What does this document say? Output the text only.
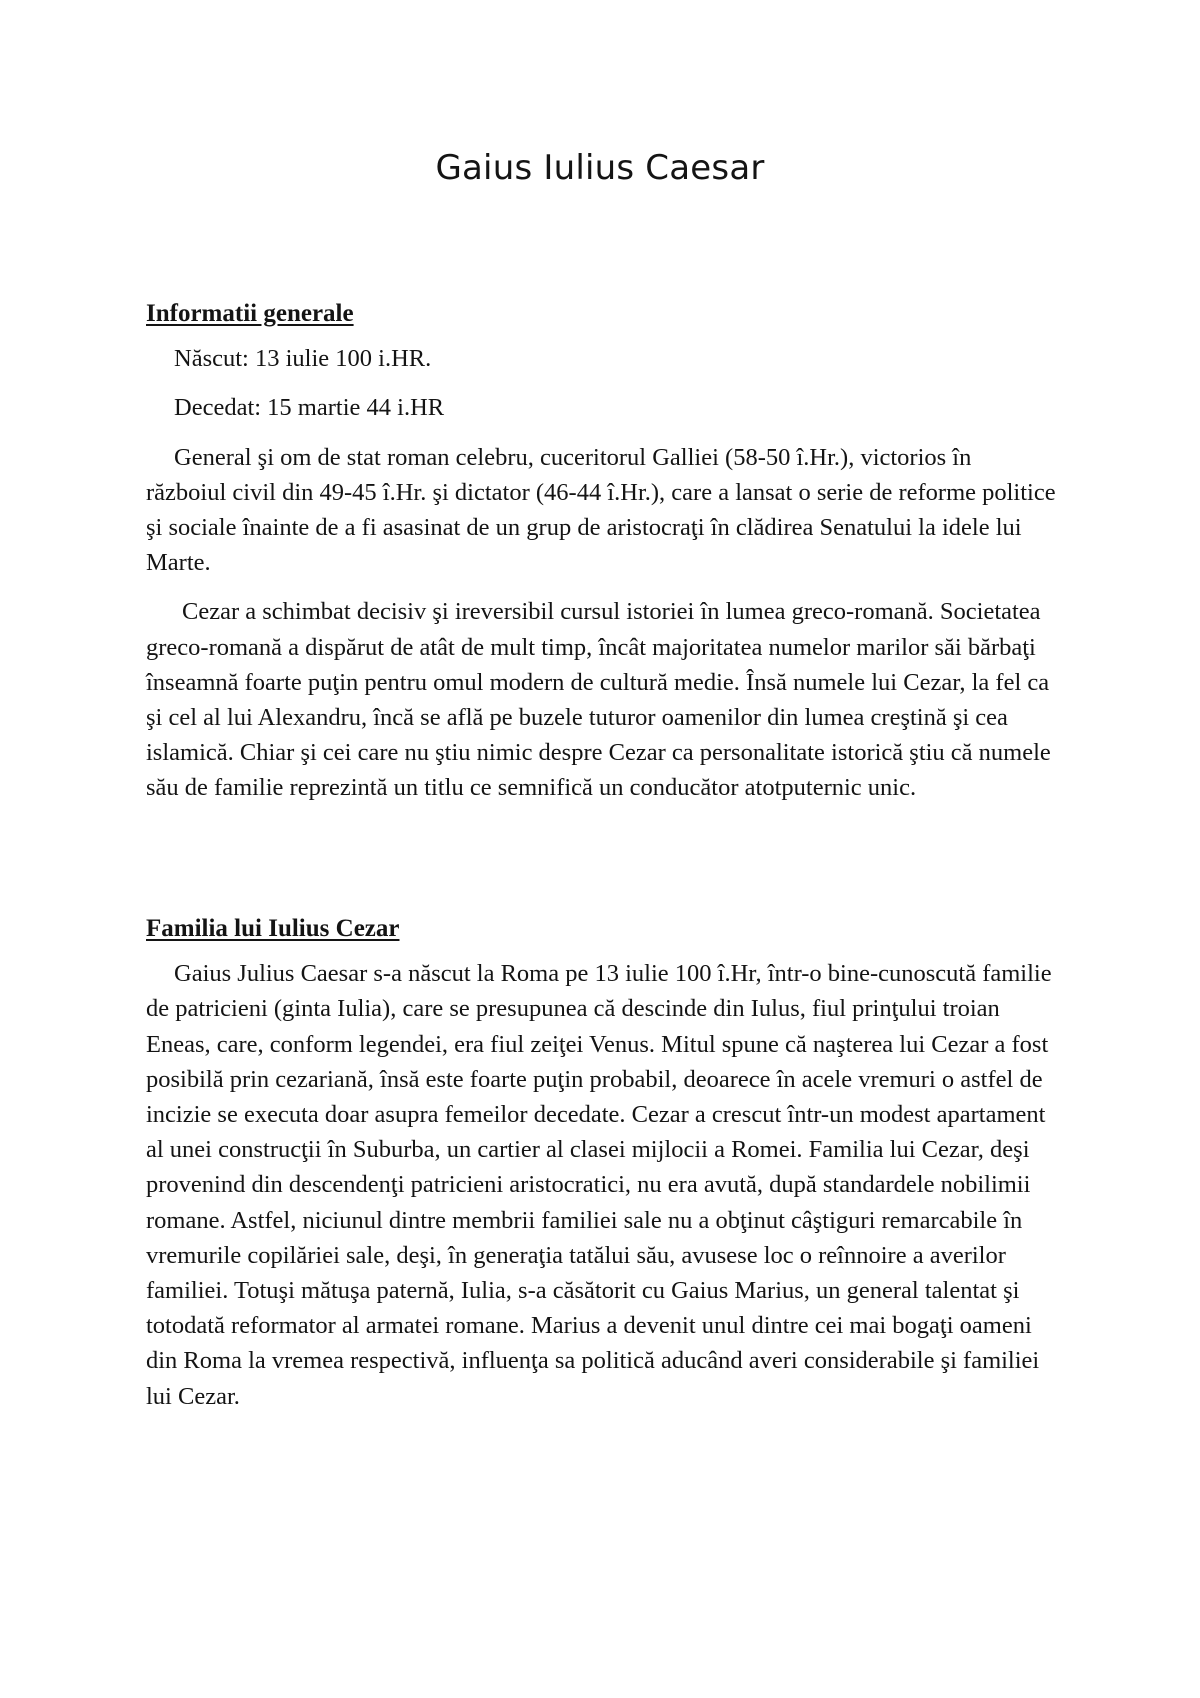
Gaius Iulius Caesar
Informatii generale
Născut: 13 iulie 100 i.HR.
Decedat: 15 martie 44 i.HR
General şi om de stat roman celebru, cuceritorul Galliei (58-50 î.Hr.), victorios în războiul civil din 49-45 î.Hr. şi dictator (46-44 î.Hr.), care a lansat o serie de reforme politice şi sociale înainte de a fi asasinat de un grup de aristocraţi în clădirea Senatului la idele lui Marte.
Cezar a schimbat decisiv şi ireversibil cursul istoriei în lumea greco-romană. Societatea greco-romană a dispărut de atât de mult timp, încât majoritatea numelor marilor săi bărbaţi înseamnă foarte puţin pentru omul modern de cultură medie. Însă numele lui Cezar, la fel ca şi cel al lui Alexandru, încă se află pe buzele tuturor oamenilor din lumea creştină şi cea islamică. Chiar şi cei care nu ştiu nimic despre Cezar ca personalitate istorică ştiu că numele său de familie reprezintă un titlu ce semnifică un conducător atotputernic unic.
Familia lui Iulius Cezar
Gaius Julius Caesar s-a născut la Roma pe 13 iulie 100 î.Hr, într-o bine-cunoscută familie de patricieni (ginta Iulia), care se presupunea că descinde din Iulus, fiul prinţului troian Eneas, care, conform legendei, era fiul zeiţei Venus. Mitul spune că naşterea lui Cezar a fost posibilă prin cezariană, însă este foarte puţin probabil, deoarece în acele vremuri o astfel de incizie se executa doar asupra femeilor decedate. Cezar a crescut într-un modest apartament al unei construcţii în Suburba, un cartier al clasei mijlocii a Romei. Familia lui Cezar, deşi provenind din descendenţi patricieni aristocratici, nu era avută, după standardele nobilimii romane. Astfel, niciunul dintre membrii familiei sale nu a obţinut câştiguri remarcabile în vremurile copilăriei sale, deşi, în generaţia tatălui său, avusese loc o reînnoire a averilor familiei. Totuşi mătuşa paternă, Iulia, s-a căsătorit cu Gaius Marius, un general talentat şi totodată reformator al armatei romane. Marius a devenit unul dintre cei mai bogaţi oameni din Roma la vremea respectivă, influenţa sa politică aducând averi considerabile şi familiei lui Cezar.
